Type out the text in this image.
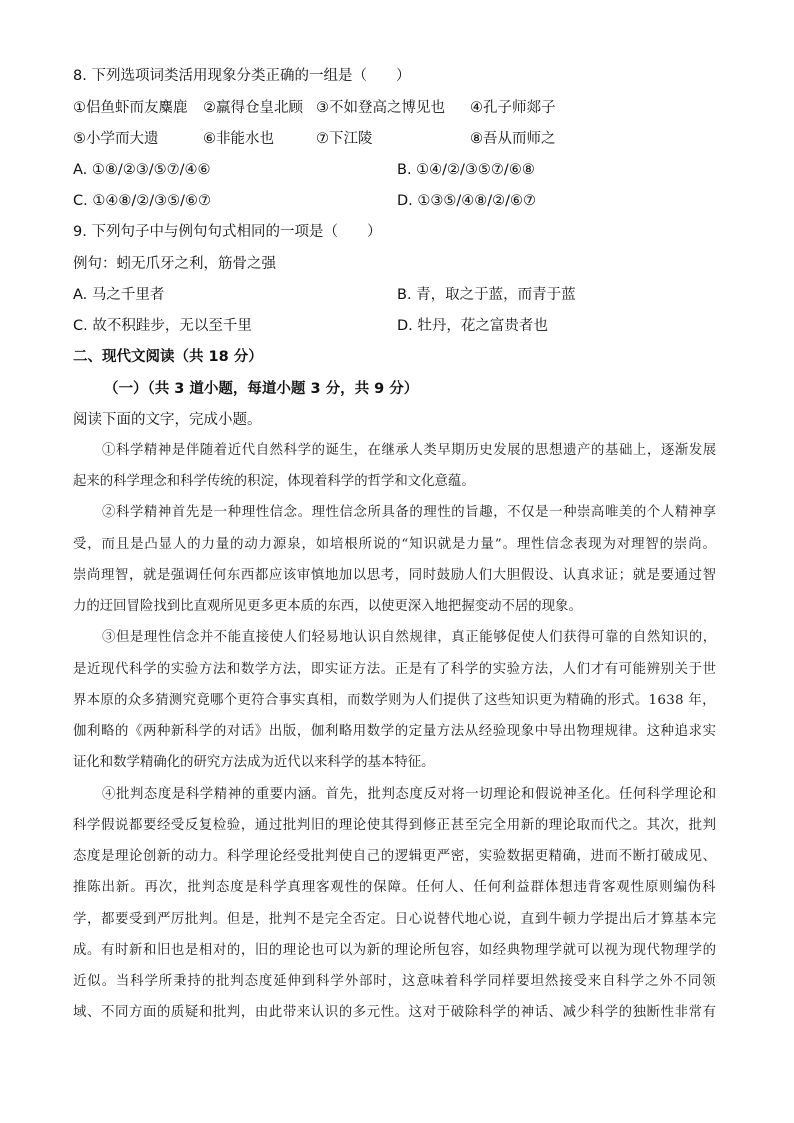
8. 下列选项词类活用现象分类正确的一组是（　　）
①侣鱼虾而友麋鹿 ②羸得仓皇北顾 ③不如登高之博见也 ④孔子师郯子
⑤小学而大遗	⑥非能水也	⑦下江陵	⑧吾从而师之
A. ①⑧/②③/⑤⑦/④⑥	B. ①④/②/③⑤⑦/⑥⑧
C. ①④⑧/②/③⑤/⑥⑦	D. ①③⑤/④⑧/②/⑥⑦
9. 下列句子中与例句句式相同的一项是（　　）
例句：蚓无爪牙之利，筋骨之强
A. 马之千里者	B. 青，取之于蓝，而青于蓝
C. 故不积跬步，无以至千里	D. 牡丹，花之富贵者也
二、现代文阅读（共 18 分）
（一）（共 3 道小题，每道小题 3 分，共 9 分）
阅读下面的文字，完成小题。
①科学精神是伴随着近代自然科学的诞生，在继承人类早期历史发展的思想遗产的基础上，逐渐发展
起来的科学理念和科学传统的积淀，体现着科学的哲学和文化意蕴。
②科学精神首先是一种理性信念。理性信念所具备的理性的旨趣，不仅是一种崇高唯美的个人精神享
受，而且是凸显人的力量的动力源泉，如培根所说的“知识就是力量”。理性信念表现为对理智的崇尚。
崇尚理智，就是强调任何东西都应该审慎地加以思考，同时鼓励人们大胆假设、认真求证；就是要通过智
力的迂回冒险找到比直观所见更多更本质的东西，以使更深入地把握变动不居的现象。
③但是理性信念并不能直接使人们轻易地认识自然规律，真正能够促使人们获得可靠的自然知识的，
是近现代科学的实验方法和数学方法，即实证方法。正是有了科学的实验方法，人们才有可能辨别关于世
界本原的众多猜测究竟哪个更符合事实真相，而数学则为人们提供了这些知识更为精确的形式。1638 年，
伽利略的《两种新科学的对话》出版，伽利略用数学的定量方法从经验现象中导出物理规律。这种追求实
证化和数学精确化的研究方法成为近代以来科学的基本特征。
④批判态度是科学精神的重要内涵。首先，批判态度反对将一切理论和假说神圣化。任何科学理论和
科学假说都要经受反复检验，通过批判旧的理论使其得到修正甚至完全用新的理论取而代之。其次，批判
态度是理论创新的动力。科学理论经受批判使自己的逻辑更严密，实验数据更精确，进而不断打破成见、
推陈出新。再次，批判态度是科学真理客观性的保障。任何人、任何利益群体想违背客观性原则编伪科
学，都要受到严厉批判。但是，批判不是完全否定。日心说替代地心说，直到牛顿力学提出后才算基本完
成。有时新和旧也是相对的，旧的理论也可以为新的理论所包容，如经典物理学就可以视为现代物理学的
近似。当科学所秉持的批判态度延伸到科学外部时，这意味着科学同样要坦然接受来自科学之外不同领
域、不同方面的质疑和批判，由此带来认识的多元性。这对于破除科学的神话、减少科学的独断性非常有
